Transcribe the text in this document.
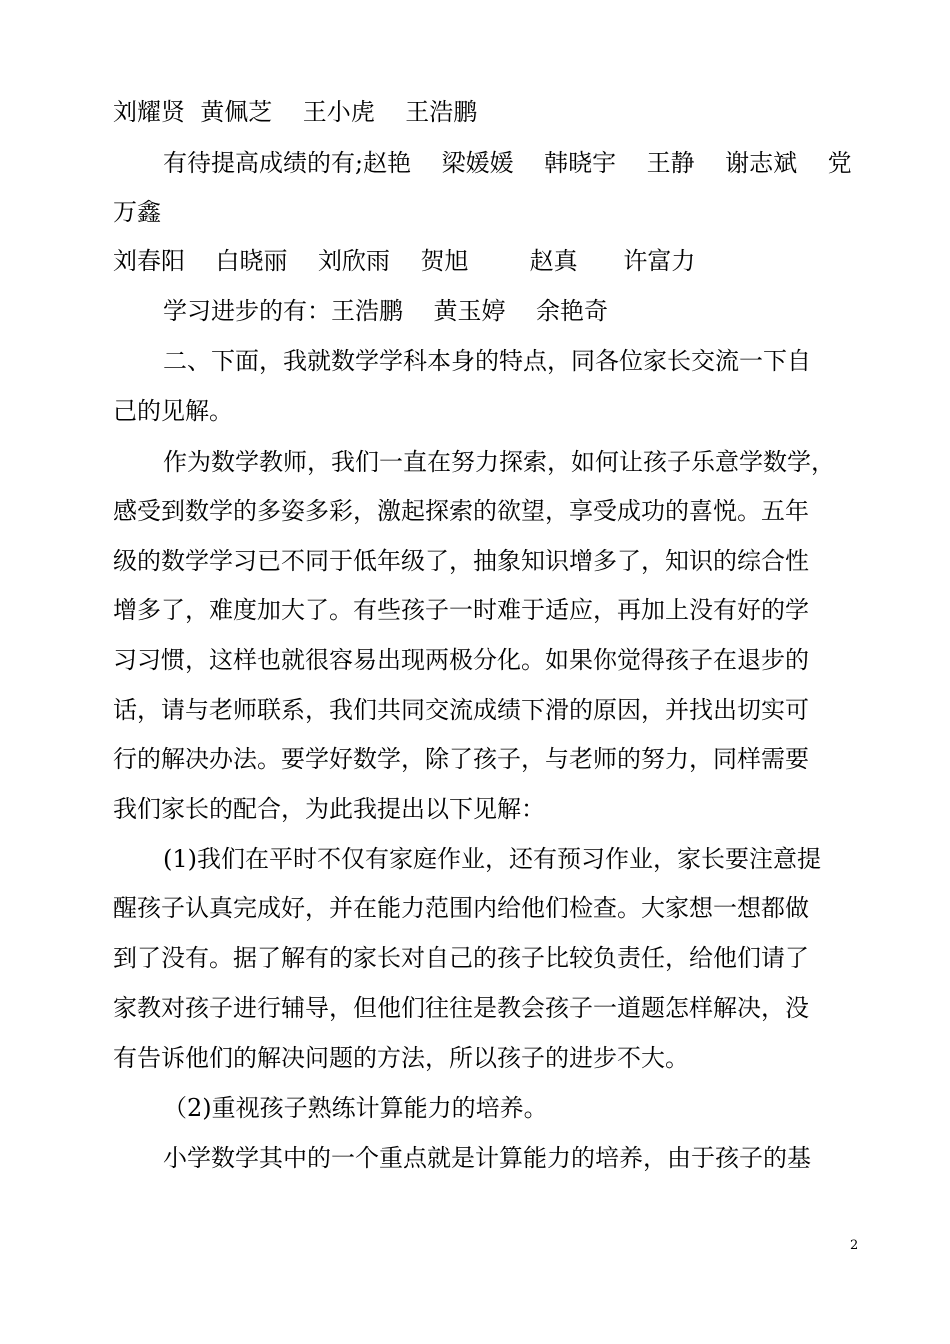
刘耀贤  黄佩芝    王小虎    王浩鹏
有待提高成绩的有;赵艳    梁媛媛    韩晓宇    王静    谢志斌    党
万鑫
刘春阳    白晓丽    刘欣雨    贺旭        赵真      许富力
学习进步的有：王浩鹏    黄玉婷    余艳奇
二、下面，我就数学学科本身的特点，同各位家长交流一下自
己的见解。
作为数学教师，我们一直在努力探索，如何让孩子乐意学数学，
感受到数学的多姿多彩，激起探索的欲望，享受成功的喜悦。五年
级的数学学习已不同于低年级了，抽象知识增多了，知识的综合性
增多了，难度加大了。有些孩子一时难于适应，再加上没有好的学
习习惯，这样也就很容易出现两极分化。如果你觉得孩子在退步的
话，请与老师联系，我们共同交流成绩下滑的原因，并找出切实可
行的解决办法。要学好数学，除了孩子，与老师的努力，同样需要
我们家长的配合，为此我提出以下见解：
(1)我们在平时不仅有家庭作业，还有预习作业，家长要注意提
醒孩子认真完成好，并在能力范围内给他们检查。大家想一想都做
到了没有。据了解有的家长对自己的孩子比较负责任，给他们请了
家教对孩子进行辅导，但他们往往是教会孩子一道题怎样解决，没
有告诉他们的解决问题的方法，所以孩子的进步不大。
（2)重视孩子熟练计算能力的培养。
小学数学其中的一个重点就是计算能力的培养，由于孩子的基
2
